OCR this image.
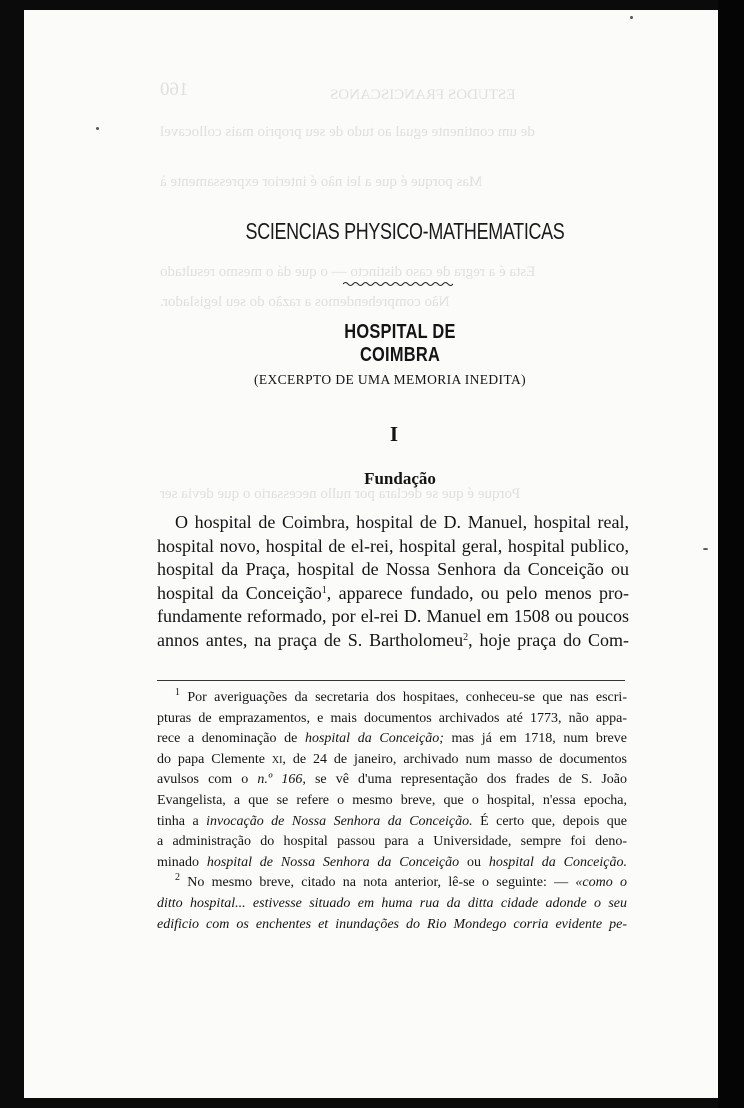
ESTUDOS FRANCISCANOS
160
de um continente egual ao tudo de seu proprio mais collocavel
Mas porque é que a lei não é interior expressamente à
Esta é a regra de caso distincto — o que dá o mesmo resultado
Não comprehendemos a razão do seu legislador.
Porque é que se declara por nullo necessario o que devia ser
SCIENCIAS PHYSICO-MATHEMATICAS
HOSPITAL DE COIMBRA

(EXCERPTO DE UMA MEMORIA INEDITA)

I

Fundação

O hospital de Coimbra, hospital de D. Manuel, hospital real,
hospital novo, hospital de el-rei, hospital geral, hospital publico,
hospital da Praça, hospital de Nossa Senhora da Conceição ou
hospital da Conceição$^1$, apparece fundado, ou pelo menos pro-
fundamente reformado, por el-rei D. Manuel em 1508 ou poucos
annos antes, na praça de S. Bartholomeu$^2$, hoje praça do Com-
$^1$ Por averiguações da secretaria dos hospitaes, conheceu-se que nas escri-
pturas de emprazamentos, e mais documentos archivados até 1773, não appa-
rece a denominação de hospital da Conceição; mas já em 1718, num breve
do papa Clemente xi, de 24 de janeiro, archivado num masso de documentos
avulsos com o n.º 166, se vê d'uma representação dos frades de S. João
Evangelista, a que se refere o mesmo breve, que o hospital, n'essa epocha,
tinha a invocação de Nossa Senhora da Conceição. É certo que, depois que
a administração do hospital passou para a Universidade, sempre foi deno-
minado hospital de Nossa Senhora da Conceição ou hospital da Conceição.
$^2$ No mesmo breve, citado na nota anterior, lê-se o seguinte: — «como o
ditto hospital... estivesse situado em huma rua da ditta cidade adonde o seu
edificio com os enchentes et inundações do Rio Mondego corria evidente pe-
